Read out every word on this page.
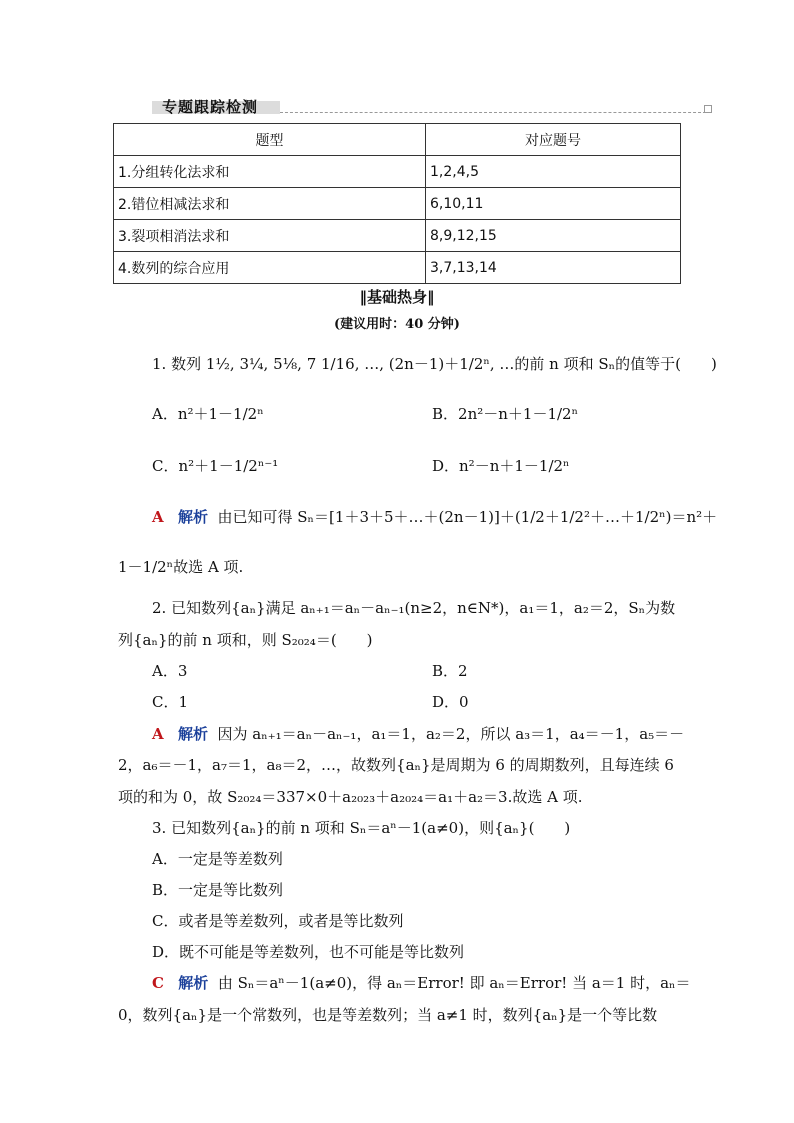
专题跟踪检测
题型	对应题号
1.分组转化法求和	1,2,4,5
2.错位相减法求和	6,10,11
3.裂项相消法求和	8,9,12,15
4.数列的综合应用	3,7,13,14
‖基础热身‖
(建议用时：40 分钟)
1. 数列 1½, 3¼, 5⅛, 7 1/16, …, (2n－1)＋1/2ⁿ, …的前 n 项和 Sₙ的值等于(　　)
A．n²＋1－1/2ⁿ	B．2n²－n＋1－1/2ⁿ
C．n²＋1－1/2ⁿ⁻¹	D．n²－n＋1－1/2ⁿ
A 解析 由已知可得 Sₙ＝[1＋3＋5＋…＋(2n－1)]＋(1/2＋1/2²＋…＋1/2ⁿ)＝n²＋
1－1/2ⁿ故选 A 项.
2. 已知数列{aₙ}满足 aₙ₊₁＝aₙ－aₙ₋₁(n≥2，n∈N*)，a₁＝1，a₂＝2，Sₙ为数
列{aₙ}的前 n 项和，则 S₂₀₂₄＝(　　)
A．3	B．2
C．1	D．0
A 解析 因为 aₙ₊₁＝aₙ－aₙ₋₁，a₁＝1，a₂＝2，所以 a₃＝1，a₄＝－1，a₅＝－
2，a₆＝－1，a₇＝1，a₈＝2，…，故数列{aₙ}是周期为 6 的周期数列，且每连续 6
项的和为 0，故 S₂₀₂₄＝337×0＋a₂₀₂₃＋a₂₀₂₄＝a₁＋a₂＝3.故选 A 项.
3. 已知数列{aₙ}的前 n 项和 Sₙ＝aⁿ－1(a≠0)，则{aₙ}(　　)
A．一定是等差数列
B．一定是等比数列
C．或者是等差数列，或者是等比数列
D．既不可能是等差数列，也不可能是等比数列
C 解析 由 Sₙ＝aⁿ－1(a≠0)，得 aₙ＝Error! 即 aₙ＝Error! 当 a＝1 时，aₙ＝
0，数列{aₙ}是一个常数列，也是等差数列；当 a≠1 时，数列{aₙ}是一个等比数
